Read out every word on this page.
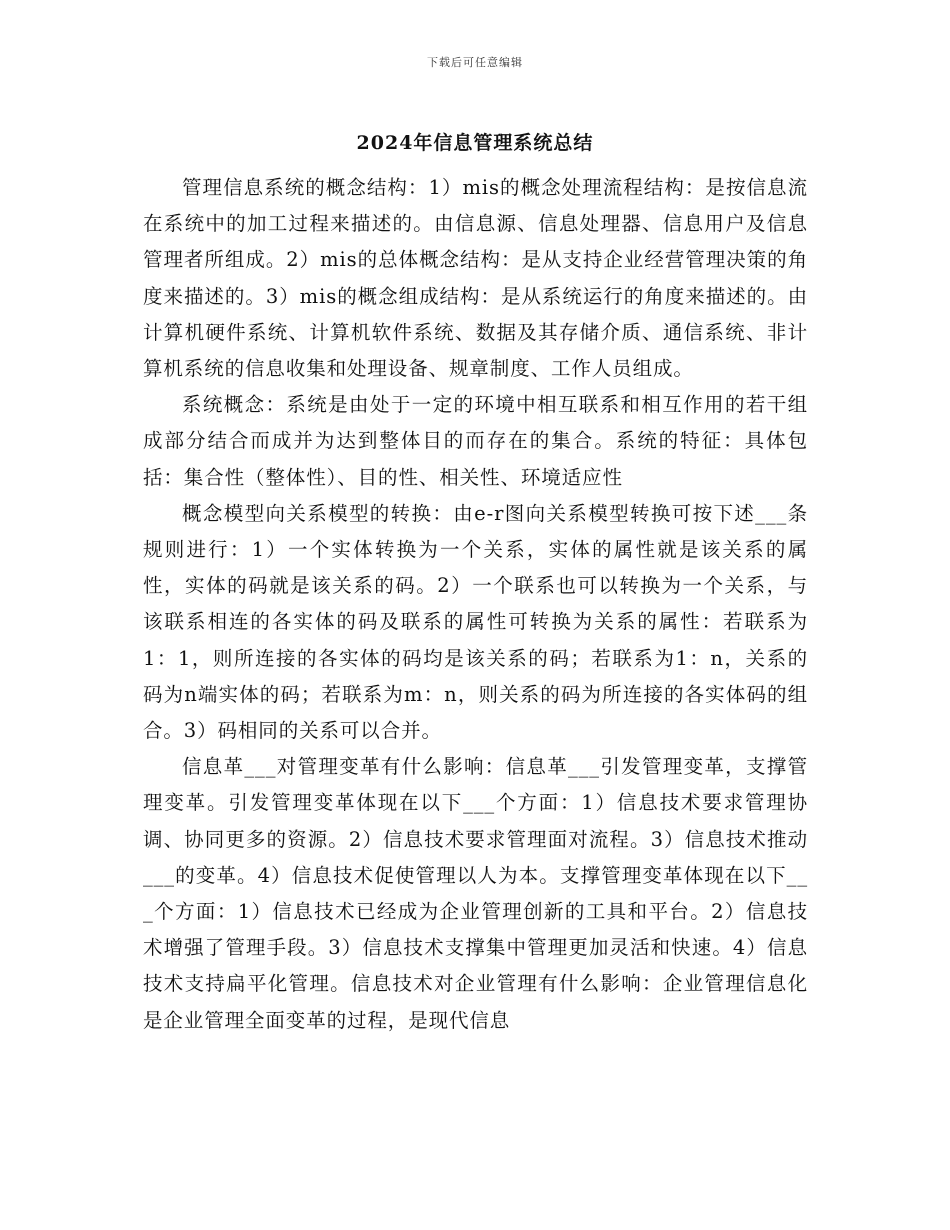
下载后可任意编辑
2024年信息管理系统总结

管理信息系统的概念结构：1）mis的概念处理流程结构：是按信息流在系统中的加工过程来描述的。由信息源、信息处理器、信息用户及信息管理者所组成。2）mis的总体概念结构：是从支持企业经营管理决策的角度来描述的。3）mis的概念组成结构：是从系统运行的角度来描述的。由计算机硬件系统、计算机软件系统、数据及其存储介质、通信系统、非计算机系统的信息收集和处理设备、规章制度、工作人员组成。

系统概念：系统是由处于一定的环境中相互联系和相互作用的若干组成部分结合而成并为达到整体目的而存在的集合。系统的特征：具体包括：集合性（整体性）、目的性、相关性、环境适应性

概念模型向关系模型的转换：由e-r图向关系模型转换可按下述___条规则进行：1）一个实体转换为一个关系，实体的属性就是该关系的属性，实体的码就是该关系的码。2）一个联系也可以转换为一个关系，与该联系相连的各实体的码及联系的属性可转换为关系的属性：若联系为1：1，则所连接的各实体的码均是该关系的码；若联系为1：n，关系的码为n端实体的码；若联系为m：n，则关系的码为所连接的各实体码的组合。3）码相同的关系可以合并。

信息革___对管理变革有什么影响：信息革___引发管理变革，支撑管理变革。引发管理变革体现在以下___个方面：1）信息技术要求管理协调、协同更多的资源。2）信息技术要求管理面对流程。3）信息技术推动___的变革。4）信息技术促使管理以人为本。支撑管理变革体现在以下___个方面：1）信息技术已经成为企业管理创新的工具和平台。2）信息技术增强了管理手段。3）信息技术支撑集中管理更加灵活和快速。4）信息技术支持扁平化管理。信息技术对企业管理有什么影响：企业管理信息化是企业管理全面变革的过程，是现代信息
